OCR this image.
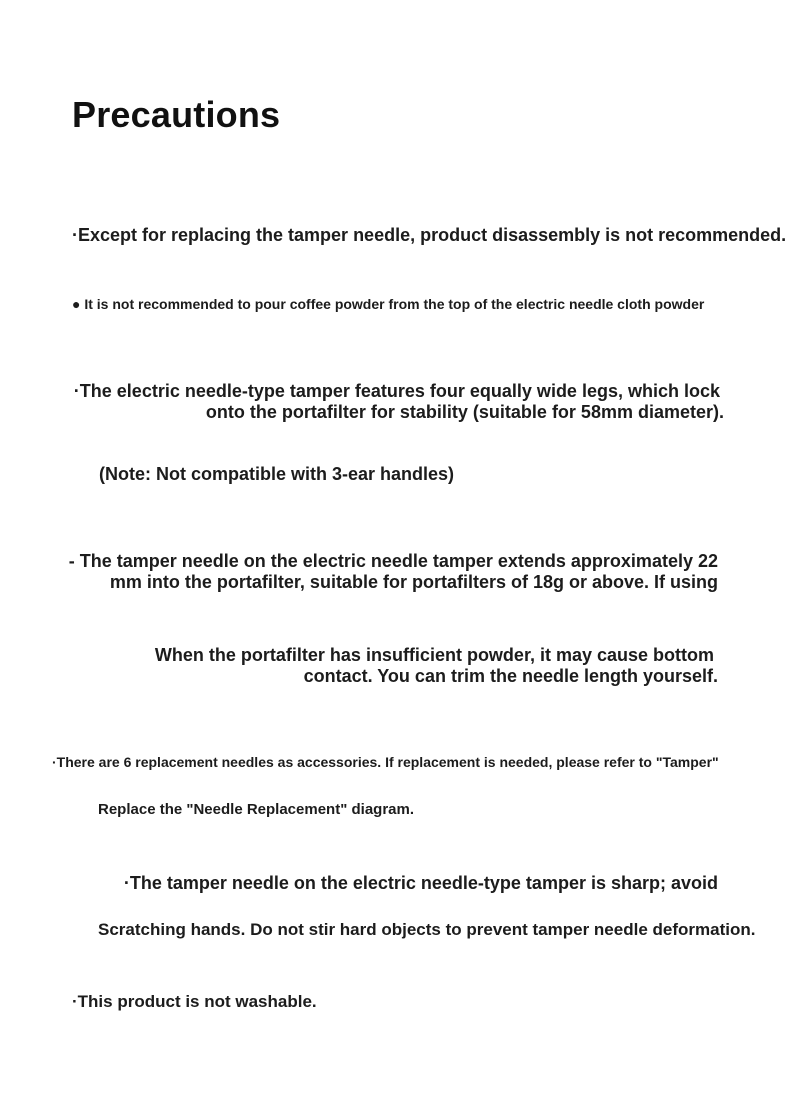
Precautions
·Except for replacing the tamper needle, product disassembly is not recommended.
● It is not recommended to pour coffee powder from the top of the electric needle cloth powder
·The electric needle-type tamper features four equally wide legs, which lock
onto the portafilter for stability (suitable for 58mm diameter).
(Note: Not compatible with 3-ear handles)
- The tamper needle on the electric needle tamper extends approximately 22
mm into the portafilter, suitable for portafilters of 18g or above. If using
When the portafilter has insufficient powder, it may cause bottom
contact. You can trim the needle length yourself.
·There are 6 replacement needles as accessories. If replacement is needed, please refer to "Tamper"
Replace the "Needle Replacement" diagram.
·The tamper needle on the electric needle-type tamper is sharp; avoid
Scratching hands. Do not stir hard objects to prevent tamper needle deformation.
·This product is not washable.
